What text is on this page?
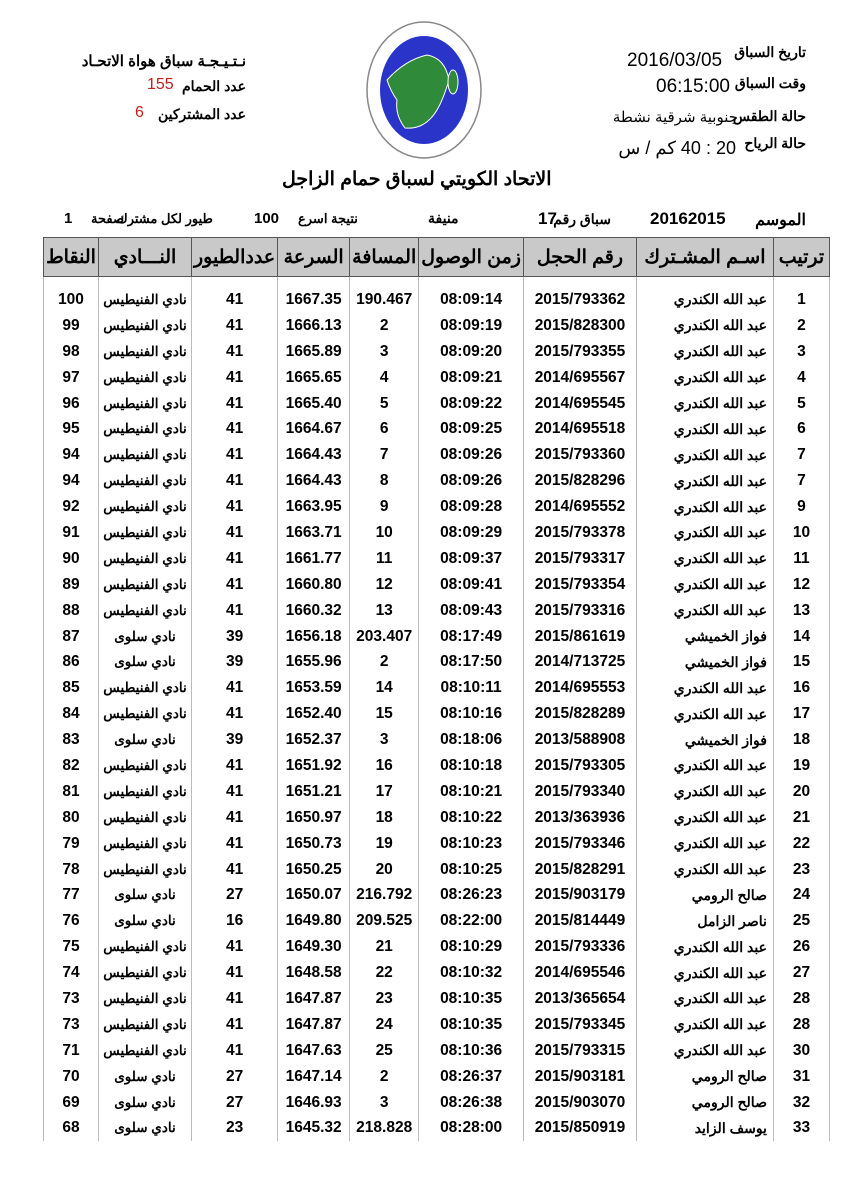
تاريخ السباق
2016/03/05
وقت السباق
06:15:00
حالة الطقس
جنوبية شرقية نشطة
حالة الرياح
20 : 40 كم / س
نـتـيـجـة سباق هواة الاتحـاد
عدد الحمام
155
عدد المشتركين
6
الاتحاد الكويتي لسباق حمام الزاجل
الموسم
20162015
سباق رقم
17
منيفة
نتيجة اسرع
100
طيور لكل مشترك
صفحة
1
ترتيب	اسـم المشـترك	رقم الحجل	زمن الوصول	المسافة	السرعة	عددالطيور	النـــادي	النقاط
1	عبد الله الكندري	2015/793362	08:09:14	190.467	1667.35	41	نادي الفنيطيس	100
2	عبد الله الكندري	2015/828300	08:09:19	2	1666.13	41	نادي الفنيطيس	99
3	عبد الله الكندري	2015/793355	08:09:20	3	1665.89	41	نادي الفنيطيس	98
4	عبد الله الكندري	2014/695567	08:09:21	4	1665.65	41	نادي الفنيطيس	97
5	عبد الله الكندري	2014/695545	08:09:22	5	1665.40	41	نادي الفنيطيس	96
6	عبد الله الكندري	2014/695518	08:09:25	6	1664.67	41	نادي الفنيطيس	95
7	عبد الله الكندري	2015/793360	08:09:26	7	1664.43	41	نادي الفنيطيس	94
7	عبد الله الكندري	2015/828296	08:09:26	8	1664.43	41	نادي الفنيطيس	94
9	عبد الله الكندري	2014/695552	08:09:28	9	1663.95	41	نادي الفنيطيس	92
10	عبد الله الكندري	2015/793378	08:09:29	10	1663.71	41	نادي الفنيطيس	91
11	عبد الله الكندري	2015/793317	08:09:37	11	1661.77	41	نادي الفنيطيس	90
12	عبد الله الكندري	2015/793354	08:09:41	12	1660.80	41	نادي الفنيطيس	89
13	عبد الله الكندري	2015/793316	08:09:43	13	1660.32	41	نادي الفنيطيس	88
14	فواز الخميشي	2015/861619	08:17:49	203.407	1656.18	39	نادي سلوى	87
15	فواز الخميشي	2014/713725	08:17:50	2	1655.96	39	نادي سلوى	86
16	عبد الله الكندري	2014/695553	08:10:11	14	1653.59	41	نادي الفنيطيس	85
17	عبد الله الكندري	2015/828289	08:10:16	15	1652.40	41	نادي الفنيطيس	84
18	فواز الخميشي	2013/588908	08:18:06	3	1652.37	39	نادي سلوى	83
19	عبد الله الكندري	2015/793305	08:10:18	16	1651.92	41	نادي الفنيطيس	82
20	عبد الله الكندري	2015/793340	08:10:21	17	1651.21	41	نادي الفنيطيس	81
21	عبد الله الكندري	2013/363936	08:10:22	18	1650.97	41	نادي الفنيطيس	80
22	عبد الله الكندري	2015/793346	08:10:23	19	1650.73	41	نادي الفنيطيس	79
23	عبد الله الكندري	2015/828291	08:10:25	20	1650.25	41	نادي الفنيطيس	78
24	صالح الرومي	2015/903179	08:26:23	216.792	1650.07	27	نادي سلوى	77
25	ناصر الزامل	2015/814449	08:22:00	209.525	1649.80	16	نادي سلوى	76
26	عبد الله الكندري	2015/793336	08:10:29	21	1649.30	41	نادي الفنيطيس	75
27	عبد الله الكندري	2014/695546	08:10:32	22	1648.58	41	نادي الفنيطيس	74
28	عبد الله الكندري	2013/365654	08:10:35	23	1647.87	41	نادي الفنيطيس	73
28	عبد الله الكندري	2015/793345	08:10:35	24	1647.87	41	نادي الفنيطيس	73
30	عبد الله الكندري	2015/793315	08:10:36	25	1647.63	41	نادي الفنيطيس	71
31	صالح الرومي	2015/903181	08:26:37	2	1647.14	27	نادي سلوى	70
32	صالح الرومي	2015/903070	08:26:38	3	1646.93	27	نادي سلوى	69
33	يوسف الزايد	2015/850919	08:28:00	218.828	1645.32	23	نادي سلوى	68
